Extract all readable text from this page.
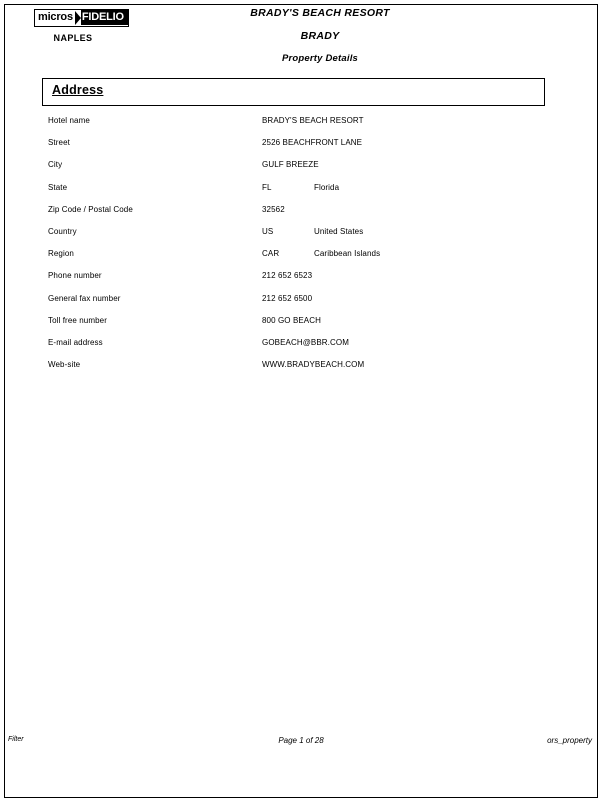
micros FIDELIO
NAPLES
BRADY'S BEACH RESORT
BRADY
Property Details
Address
Hotel name	BRADY'S BEACH RESORT
Street	2526 BEACHFRONT LANE
City	GULF BREEZE
State	FL	Florida
Zip Code / Postal Code	32562
Country	US	United States
Region	CAR	Caribbean Islands
Phone number	212 652 6523
General fax number	212 652 6500
Toll free number	800 GO BEACH
E-mail address	GOBEACH@BBR.COM
Web-site	WWW.BRADYBEACH.COM
Filter	Page 1 of 28	ors_property
